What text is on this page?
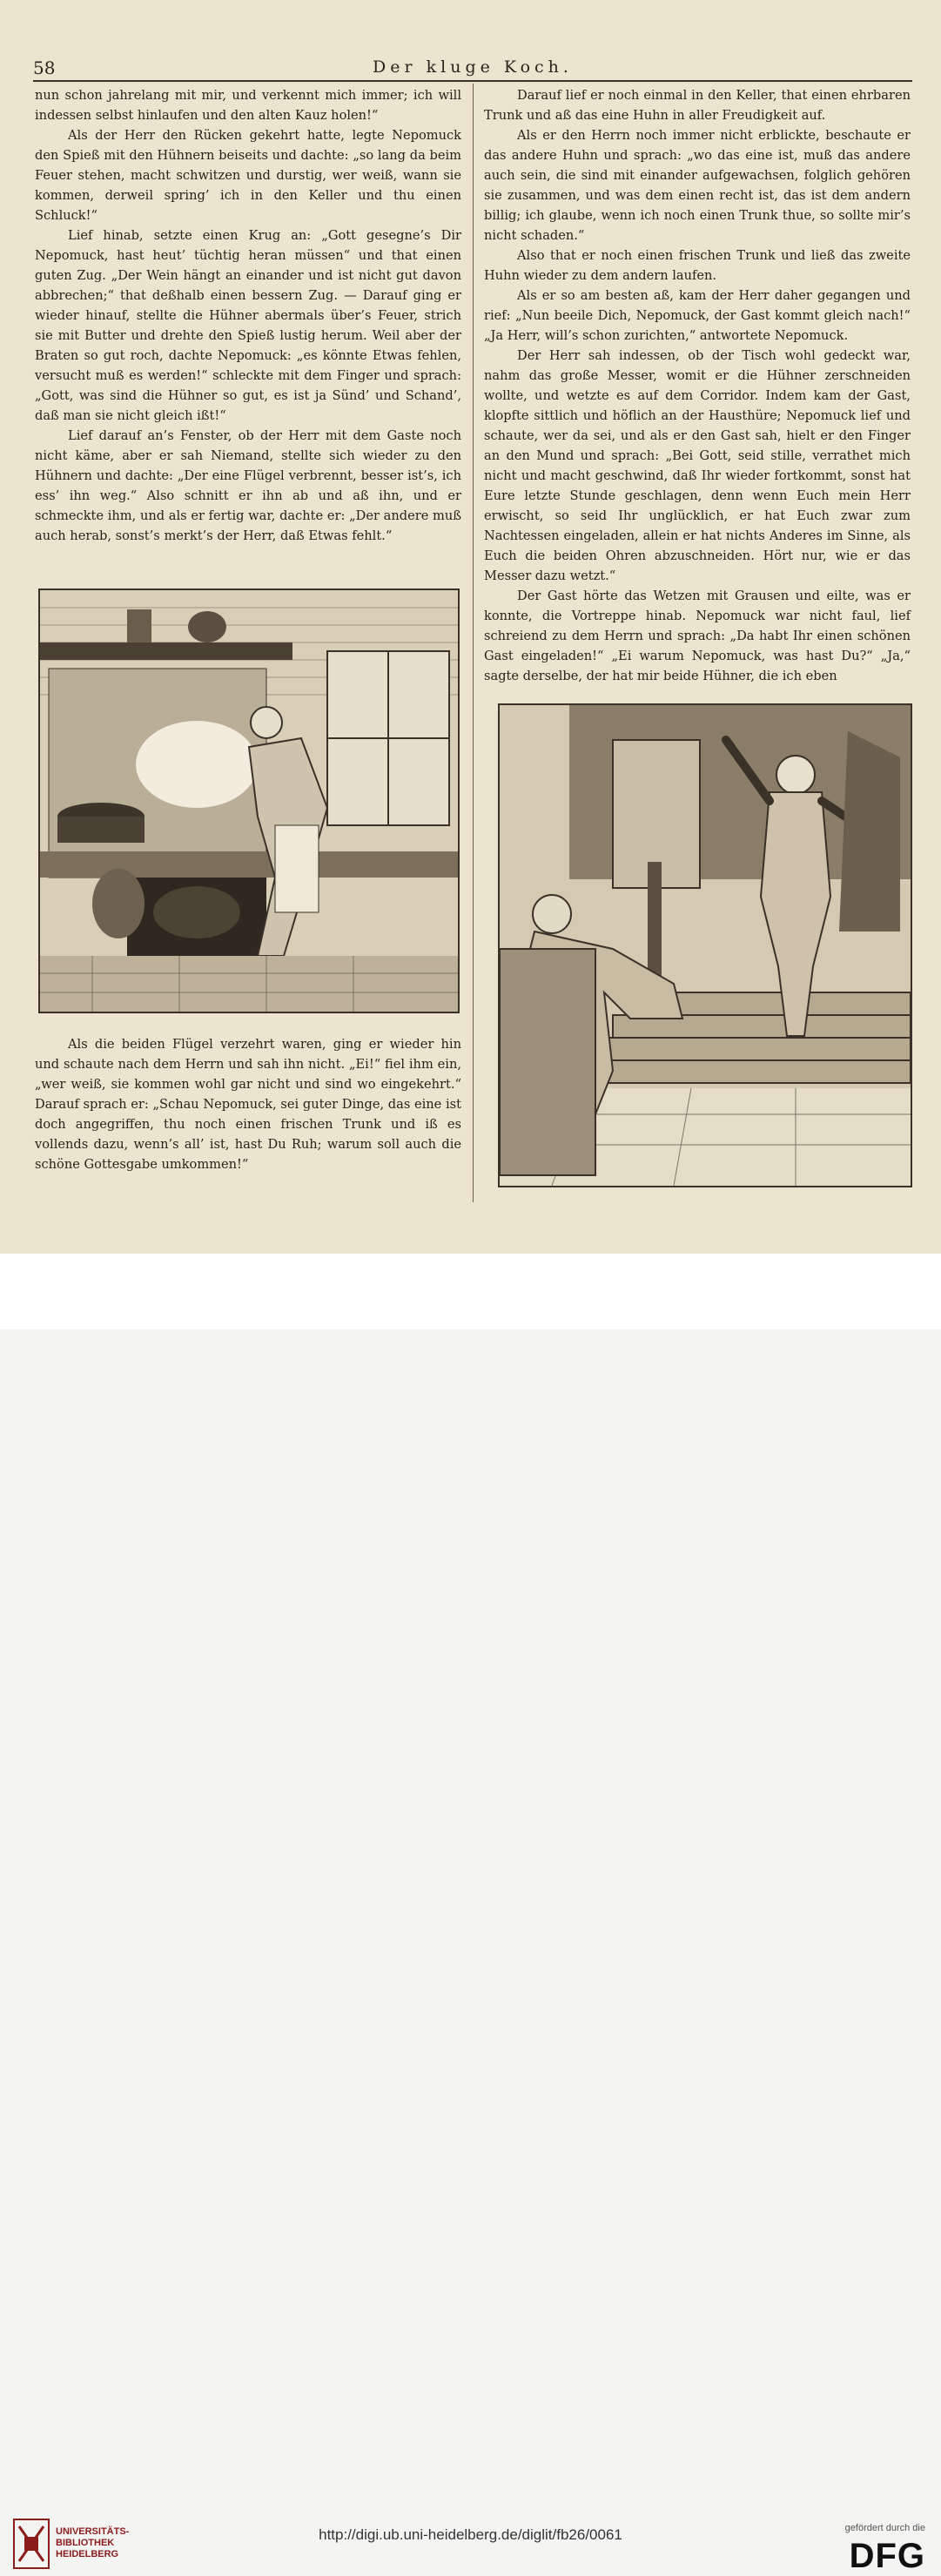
58	Der kluge Koch.

nun schon jahrelang mit mir, und verkennt mich immer; ich will indessen selbst hinlaufen und den alten Kauz holen!“

Als der Herr den Rücken gekehrt hatte, legte Nepomuck den Spieß mit den Hühnern beiseits und dachte: „so lang da beim Feuer stehen, macht schwitzen und durstig, wer weiß, wann sie kommen, derweil spring’ ich in den Keller und thu einen Schluck!“

Lief hinab, setzte einen Krug an: „Gott gesegne’s Dir Nepomuck, hast heut’ tüchtig heran müssen“ und that einen guten Zug. „Der Wein hängt an einander und ist nicht gut davon abbrechen;“ that deßhalb einen bessern Zug. — Darauf ging er wieder hinauf, stellte die Hühner abermals über’s Feuer, strich sie mit Butter und drehte den Spieß lustig herum. Weil aber der Braten so gut roch, dachte Nepomuck: „es könnte Etwas fehlen, versucht muß es werden!“ schleckte mit dem Finger und sprach: „Gott, was sind die Hühner so gut, es ist ja Sünd’ und Schand’, daß man sie nicht gleich ißt!“

Lief darauf an’s Fenster, ob der Herr mit dem Gaste noch nicht käme, aber er sah Niemand, stellte sich wieder zu den Hühnern und dachte: „Der eine Flügel verbrennt, besser ist’s, ich ess’ ihn weg.“ Also schnitt er ihn ab und aß ihn, und er schmeckte ihm, und als er fertig war, dachte er: „Der andere muß auch herab, sonst’s merkt’s der Herr, daß Etwas fehlt.“

Als die beiden Flügel verzehrt waren, ging er wieder hin und schaute nach dem Herrn und sah ihn nicht. „Ei!“ fiel ihm ein, „wer weiß, sie kommen wohl gar nicht und sind wo eingekehrt.“ Darauf sprach er: „Schau Nepomuck, sei guter Dinge, das eine ist doch angegriffen, thu noch einen frischen Trunk und iß es vollends dazu, wenn’s all’ ist, hast Du Ruh; warum soll auch die schöne Gottesgabe umkommen!“

Darauf lief er noch einmal in den Keller, that einen ehrbaren Trunk und aß das eine Huhn in aller Freudigkeit auf.

Als er den Herrn noch immer nicht erblickte, beschaute er das andere Huhn und sprach: „wo das eine ist, muß das andere auch sein, die sind mit einander aufgewachsen, folglich gehören sie zusammen, und was dem einen recht ist, das ist dem andern billig; ich glaube, wenn ich noch einen Trunk thue, so sollte mir’s nicht schaden.“

Also that er noch einen frischen Trunk und ließ das zweite Huhn wieder zu dem andern laufen.

Als er so am besten aß, kam der Herr daher gegangen und rief: „Nun beeile Dich, Nepomuck, der Gast kommt gleich nach!“ „Ja Herr, will’s schon zurichten,“ antwortete Nepomuck.

Der Herr sah indessen, ob der Tisch wohl gedeckt war, nahm das große Messer, womit er die Hühner zerschneiden wollte, und wetzte es auf dem Corridor. Indem kam der Gast, klopfte sittlich und höflich an der Hausthüre; Nepomuck lief und schaute, wer da sei, und als er den Gast sah, hielt er den Finger an den Mund und sprach: „Bei Gott, seid stille, verrathet mich nicht und macht geschwind, daß Ihr wieder fortkommt, sonst hat Eure letzte Stunde geschlagen, denn wenn Euch mein Herr erwischt, so seid Ihr unglücklich, er hat Euch zwar zum Nachtessen eingeladen, allein er hat nichts Anderes im Sinne, als Euch die beiden Ohren abzuschneiden. Hört nur, wie er das Messer dazu wetzt.“

Der Gast hörte das Wetzen mit Grausen und eilte, was er konnte, die Vortreppe hinab. Nepomuck war nicht faul, lief schreiend zu dem Herrn und sprach: „Da habt Ihr einen schönen Gast eingeladen!“ „Ei warum Nepomuck, was hast Du?“ „Ja,“ sagte derselbe, der hat mir beide Hühner, die ich eben

UNIVERSITÄTS-
BIBLIOTHEK
HEIDELBERG
http://digi.ub.uni-heidelberg.de/diglit/fb26/0061	gefördert durch die
DFG
